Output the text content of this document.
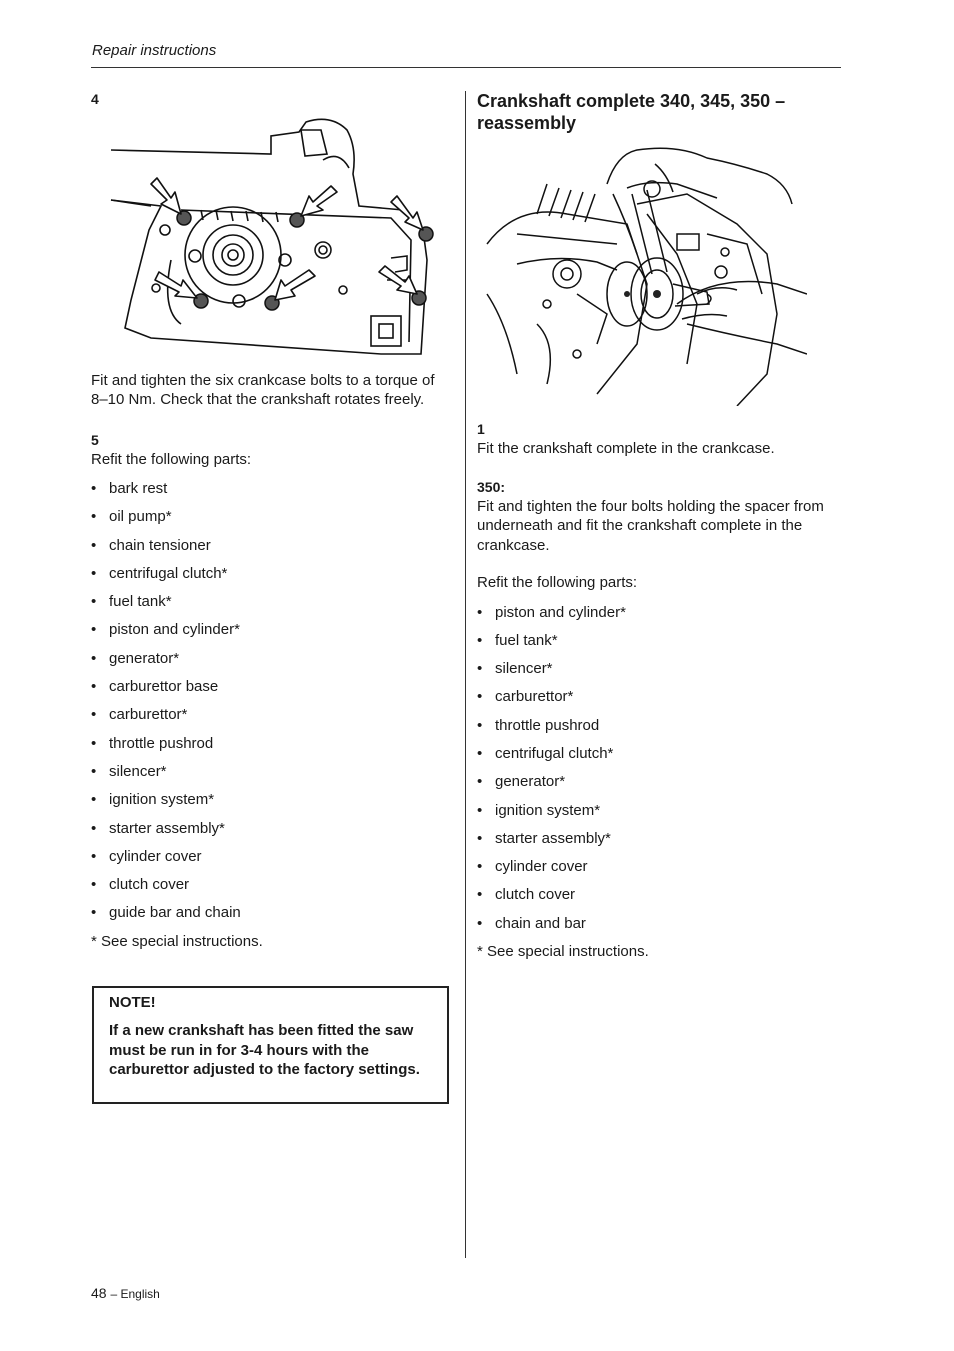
Repair instructions
4

Fit and tighten the six crankcase bolts to a torque of 8–10 Nm. Check that the crankshaft rotates freely.

5

Refit the following parts:

• bark rest
• oil pump*
• chain tensioner
• centrifugal clutch*
• fuel tank*
• piston and cylinder*
• generator*
• carburettor base
• carburettor*
• throttle pushrod
• silencer*
• ignition system*
• starter assembly*
• cylinder cover
• clutch cover
• guide bar and chain

* See special instructions.

NOTE!
If a new crankshaft has been fitted the saw must be run in for 3-4 hours with the carburettor adjusted to the factory settings.
Crankshaft complete 340, 345, 350 – reassembly
1

Fit the crankshaft complete in the crankcase.

350:

Fit and tighten the four bolts holding the spacer from underneath and fit the crankshaft complete in the crankcase.

Refit the following parts:

• piston and cylinder*
• fuel tank*
• silencer*
• carburettor*
• throttle pushrod
• centrifugal clutch*
• generator*
• ignition system*
• starter assembly*
• cylinder cover
• clutch cover
• chain and bar

* See special instructions.

48 – English
